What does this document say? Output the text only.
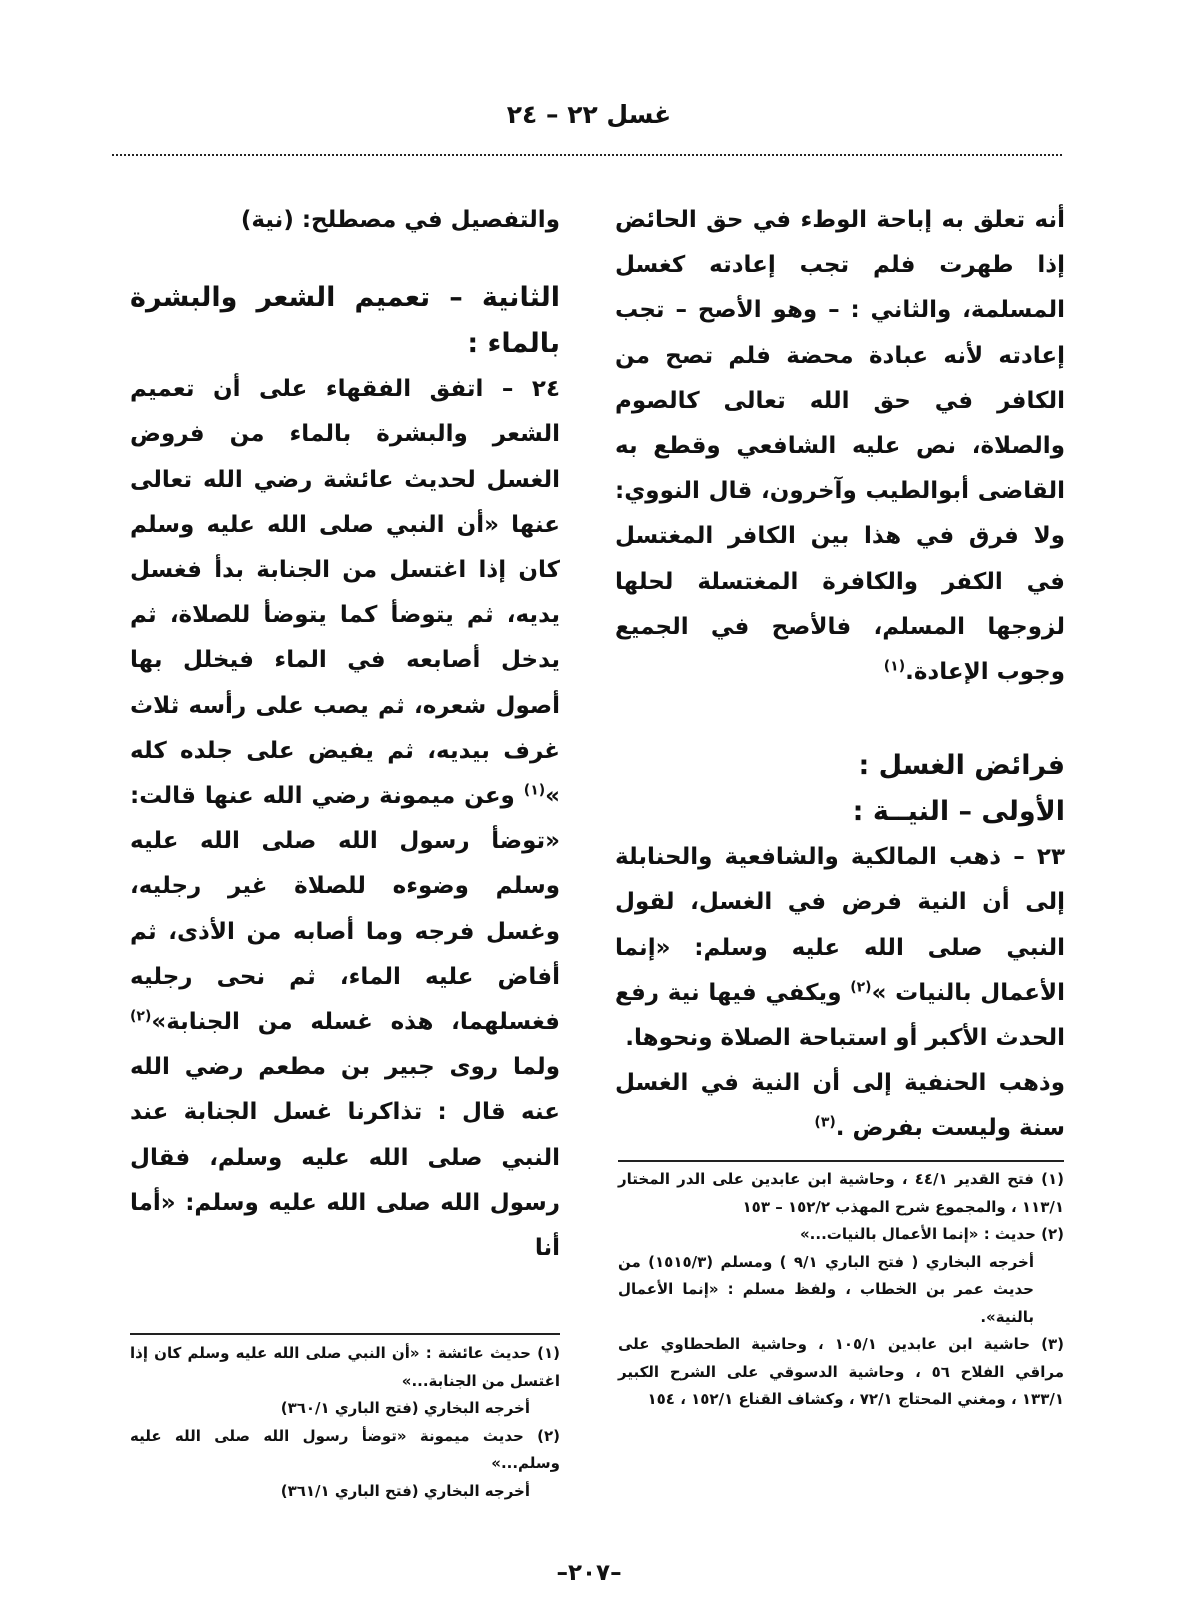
غسل ٢٢ – ٢٤

أنه تعلق به إباحة الوطء في حق الحائض إذا طهرت فلم تجب إعادته كغسل المسلمة، والثاني : – وهو الأصح – تجب إعادته لأنه عبادة محضة فلم تصح من الكافر في حق الله تعالى كالصوم والصلاة، نص عليه الشافعي وقطع به القاضى أبوالطيب وآخرون، قال النووي: ولا فرق في هذا بين الكافر المغتسل في الكفر والكافرة المغتسلة لحلها لزوجها المسلم، فالأصح في الجميع وجوب الإعادة.$^{(١)}$

فرائض الغسل :

الأولى – النيــة :

٢٣ – ذهب المالكية والشافعية والحنابلة إلى أن النية فرض في الغسل، لقول النبي صلى الله عليه وسلم: «إنما الأعمال بالنيات »$^{(٢)}$ ويكفي فيها نية رفع الحدث الأكبر أو استباحة الصلاة ونحوها.

وذهب الحنفية إلى أن النية في الغسل سنة وليست بفرض .$^{(٣)}$

والتفصيل في مصطلح: (نية)

الثانية – تعميم الشعر والبشرة بالماء :

٢٤ – اتفق الفقهاء على أن تعميم الشعر والبشرة بالماء من فروض الغسل لحديث عائشة رضي الله تعالى عنها «أن النبي صلى الله عليه وسلم كان إذا اغتسل من الجنابة بدأ فغسل يديه، ثم يتوضأ كما يتوضأ للصلاة، ثم يدخل أصابعه في الماء فيخلل بها أصول شعره، ثم يصب على رأسه ثلاث غرف بيديه، ثم يفيض على جلده كله »$^{(١)}$ وعن ميمونة رضي الله عنها قالت: «توضأ رسول الله صلى الله عليه وسلم وضوءه للصلاة غير رجليه، وغسل فرجه وما أصابه من الأذى، ثم أفاض عليه الماء، ثم نحى رجليه فغسلهما، هذه غسله من الجنابة»$^{(٢)}$ ولما روى جبير بن مطعم رضي الله عنه قال : تذاكرنا غسل الجنابة عند النبي صلى الله عليه وسلم، فقال رسول الله صلى الله عليه وسلم: «أما أنا

(١) فتح القدير ٤٤/١ ، وحاشية ابن عابدين على الدر المختار ١١٣/١ ، والمجموع شرح المهذب ١٥٢/٢ – ١٥٣

(٢) حديث : «إنما الأعمال بالنيات...»

أخرجه البخاري ( فتح الباري ٩/١ ) ومسلم (١٥١٥/٣) من حديث عمر بن الخطاب ، ولفظ مسلم : «إنما الأعمال بالنية».

(٣) حاشية ابن عابدين ١٠٥/١ ، وحاشية الطحطاوي على مراقي الفلاح ٥٦ ، وحاشية الدسوقي على الشرح الكبير ١٣٣/١ ، ومغني المحتاج ٧٢/١ ، وكشاف القناع ١٥٢/١ ، ١٥٤

(١) حديث عائشة : «أن النبي صلى الله عليه وسلم كان إذا اغتسل من الجنابة...»

أخرجه البخاري (فتح الباري ٣٦٠/١)

(٢) حديث ميمونة «توضأ رسول الله صلى الله عليه وسلم...»

أخرجه البخاري (فتح الباري ٣٦١/١)

–٢٠٧–
